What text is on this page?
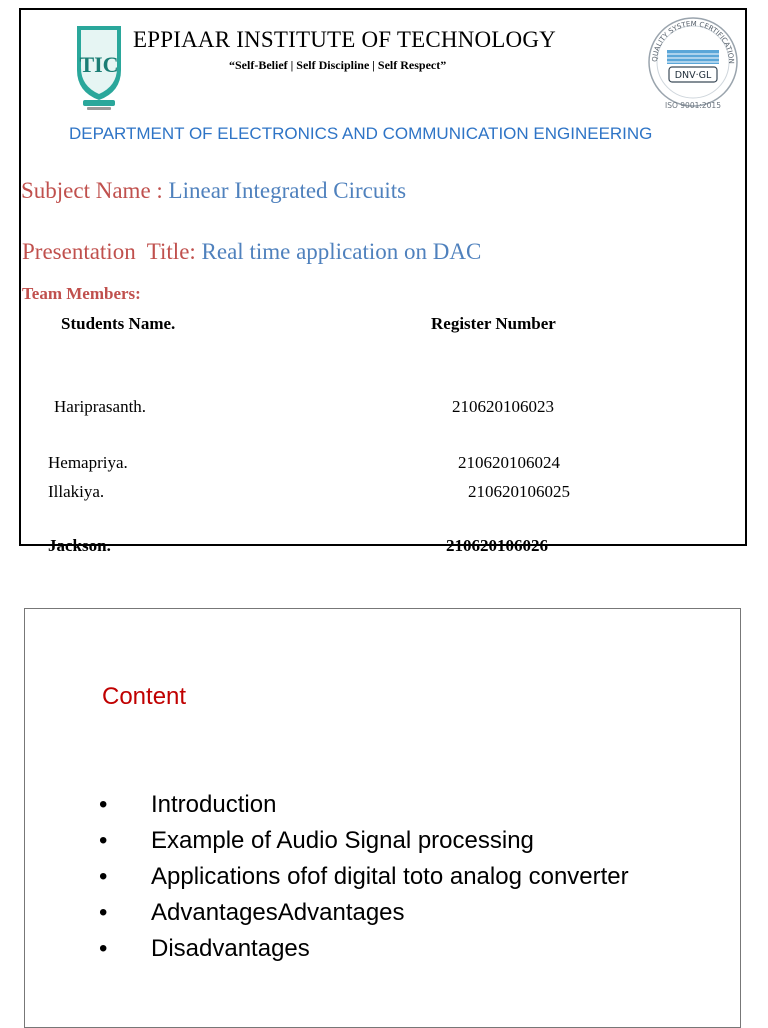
TIC
EPPIAAR INSTITUTE OF TECHNOLOGY
“Self-Belief | Self Discipline | Self Respect”	QUALITY SYSTEM CERTIFICATION
DNV·GL
ISO 9001:2015
DEPARTMENT OF ELECTRONICS AND COMMUNICATION ENGINEERING
Subject Name : Linear Integrated Circuits
Presentation  Title: Real time application on DAC
Team Members:
Students Name.	Register Number
Hariprasanth.	210620106023
Hemapriya.	210620106024
Illakiya.	210620106025
Jackson.	210620106026
Content
• Introduction
• Example of Audio Signal processing
• Applications ofof digital toto analog converter
• AdvantagesAdvantages
• Disadvantages
